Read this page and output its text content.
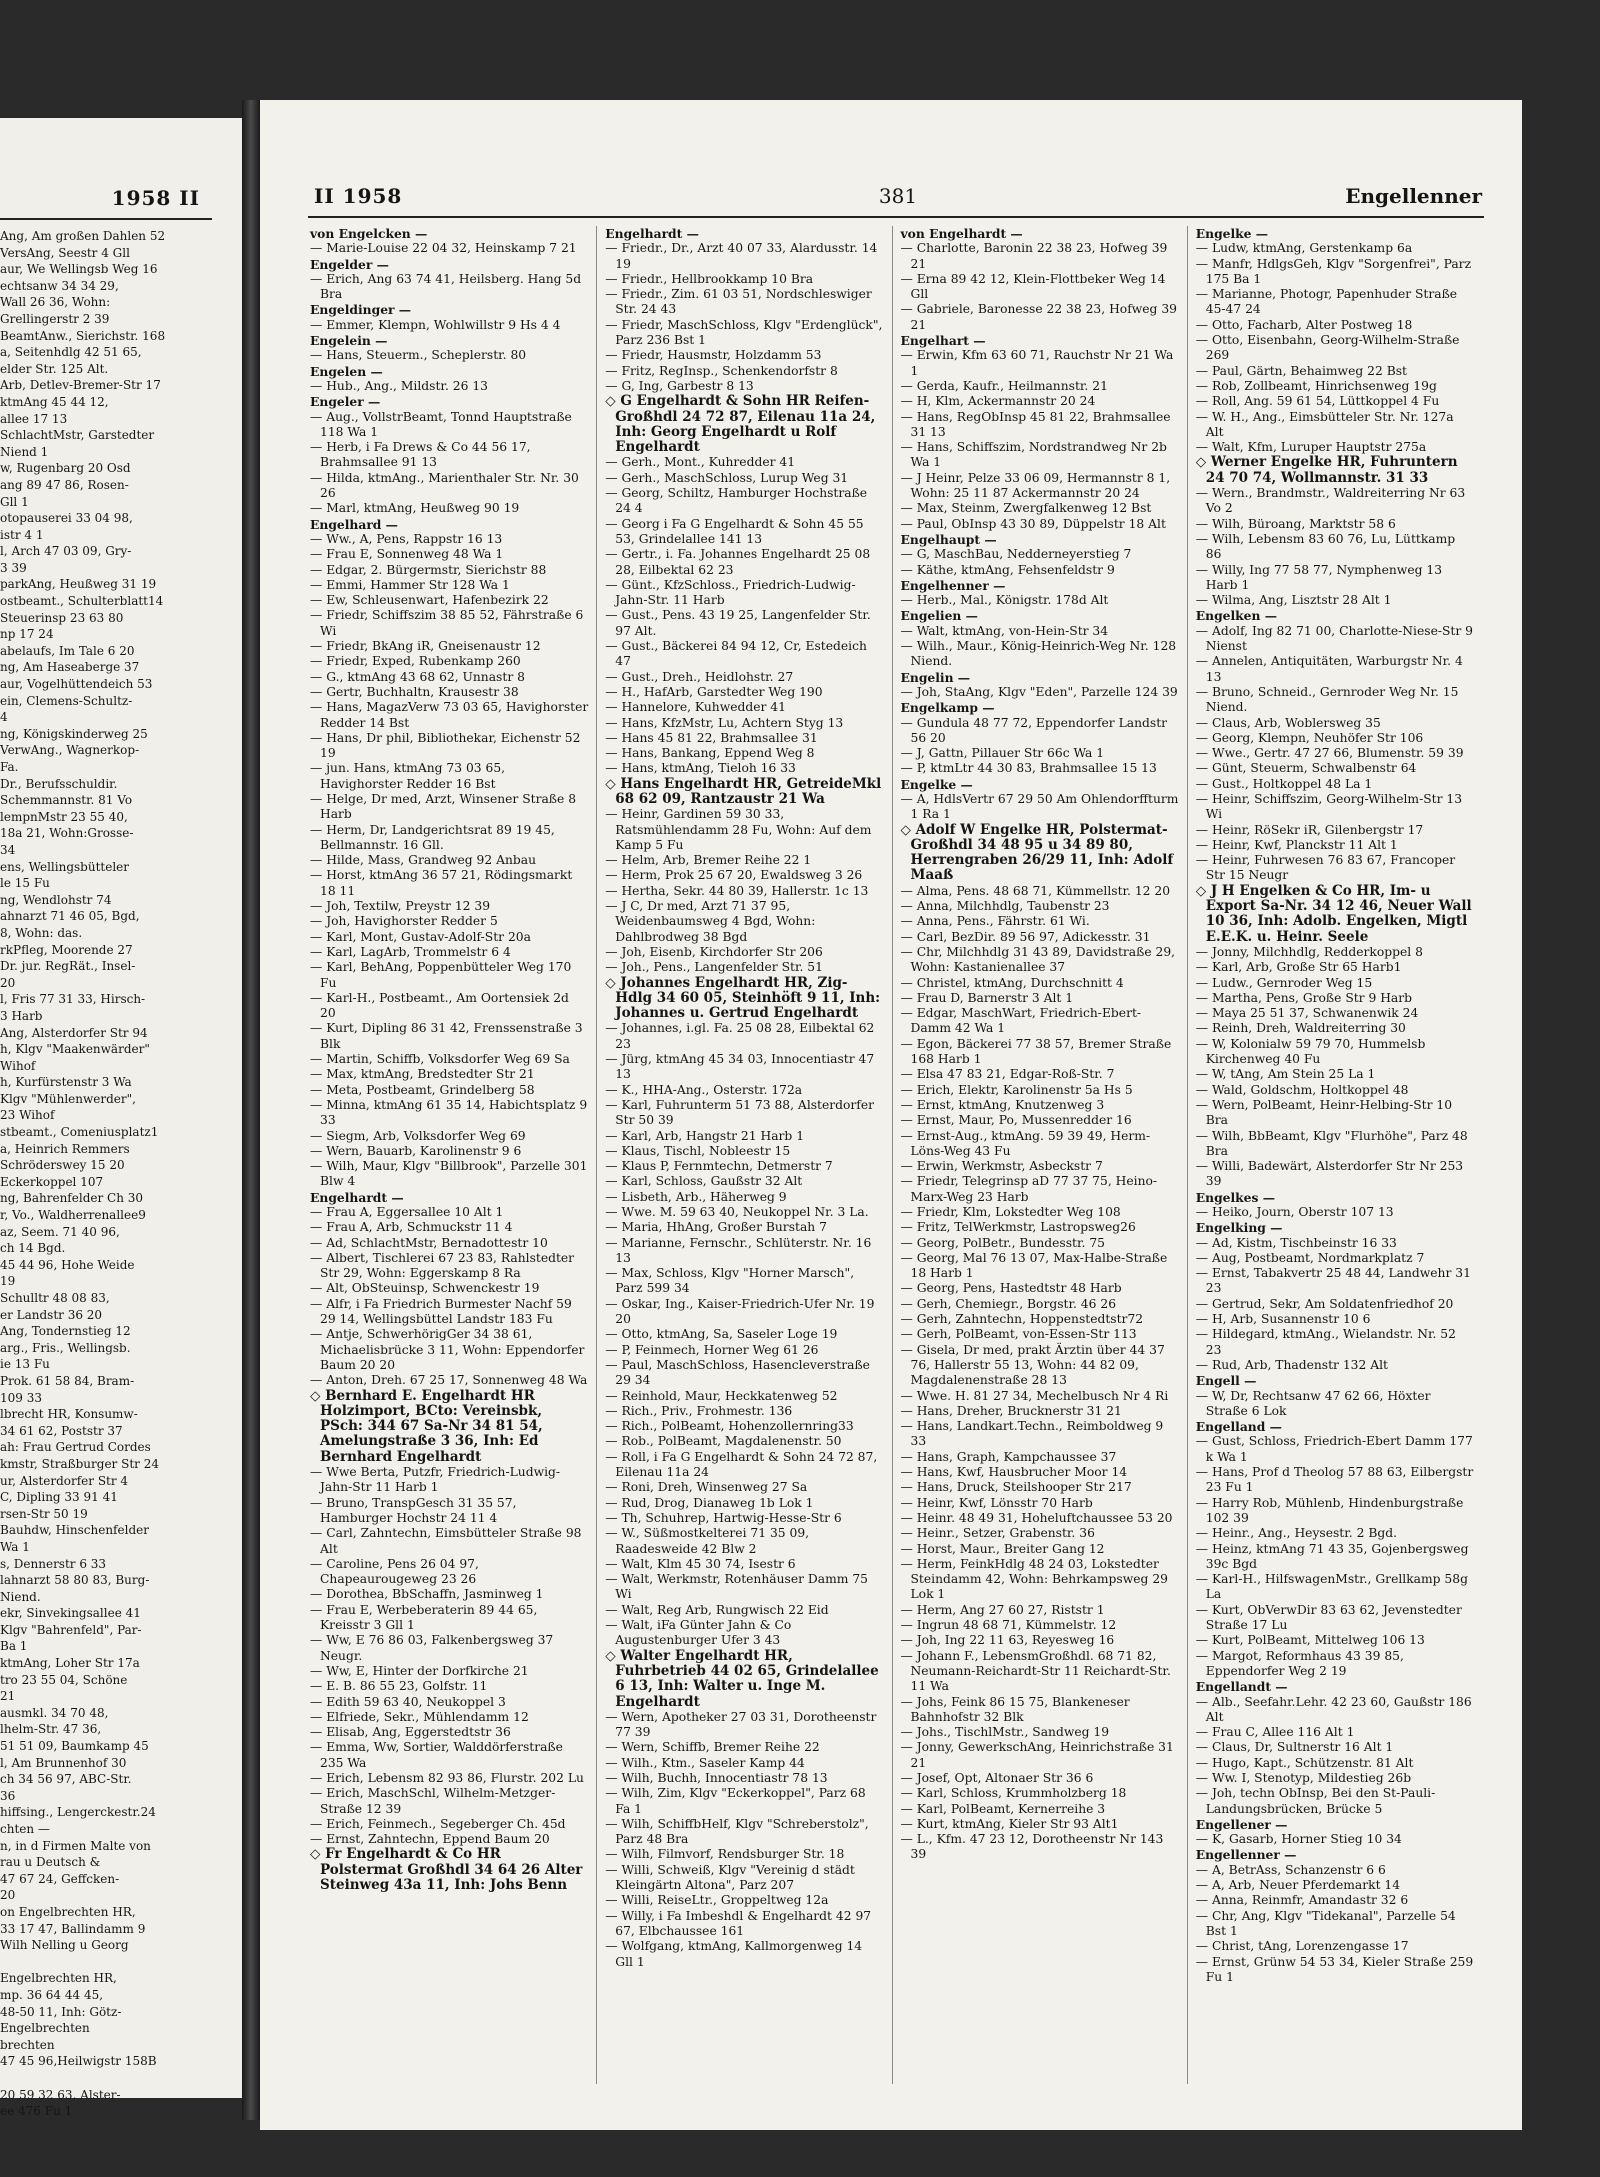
1958 II
Ang, Am großen Dahlen 52
VersAng, Seestr 4 Gll
aur, We Wellingsb Weg 16
echtsanw 34 34 29,
Wall 26 36, Wohn:
Grellingerstr 2 39
BeamtAnw., Sierichstr. 168
a, Seitenhdlg 42 51 65,
elder Str. 125 Alt.
Arb, Detlev-Bremer-Str 17
ktmAng 45 44 12,
allee 17 13
SchlachtMstr, Garstedter
Niend 1
w, Rugenbarg 20 Osd
ang 89 47 86, Rosen-
Gll 1
otopauserei 33 04 98,
istr 4 1
l, Arch 47 03 09, Gry-
3 39
parkAng, Heußweg 31 19
ostbeamt., Schulterblatt14
Steuerinsp 23 63 80
np 17 24
abelaufs, Im Tale 6 20
ng, Am Haseaberge 37
aur, Vogelhüttendeich 53
ein, Clemens-Schultz-
4
ng, Königskinderweg 25
VerwAng., Wagnerkop-
Fa.
Dr., Berufsschuldir.
Schemmannstr. 81 Vo
lempnMstr 23 55 40,
18a 21, Wohn:Grosse-
34
ens, Wellingsbütteler
le 15 Fu
ng, Wendlohstr 74
ahnarzt 71 46 05, Bgd,
8, Wohn: das.
rkPfleg, Moorende 27
Dr. jur. RegRät., Insel-
20
l, Fris 77 31 33, Hirsch-
3 Harb
Ang, Alsterdorfer Str 94
h, Klgv "Maakenwärder"
Wihof
h, Kurfürstenstr 3 Wa
Klgv "Mühlenwerder",
23 Wihof
stbeamt., Comeniusplatz1
a, Heinrich Remmers
Schröderswey 15 20
Eckerkoppel 107
ng, Bahrenfelder Ch 30
r, Vo., Waldherrenallee9
az, Seem. 71 40 96,
ch 14 Bgd.
45 44 96, Hohe Weide
19
Schulltr 48 08 83,
er Landstr 36 20
Ang, Tondernstieg 12
arg., Fris., Wellingsb.
ie 13 Fu
Prok. 61 58 84, Bram-
109 33
lbrecht HR, Konsumw-
34 61 62, Poststr 37
ah: Frau Gertrud Cordes
kmstr, Straßburger Str 24
ur, Alsterdorfer Str 4
C, Dipling 33 91 41
rsen-Str 50 19
Bauhdw, Hinschenfelder
Wa 1
s, Dennerstr 6 33
lahnarzt 58 80 83, Burg-
Niend.
ekr, Sinvekingsallee 41
Klgv "Bahrenfeld", Par-
Ba 1
ktmAng, Loher Str 17a
tro 23 55 04, Schöne
21
ausmkl. 34 70 48,
lhelm-Str. 47 36,
51 51 09, Baumkamp 45
l, Am Brunnenhof 30
ch 34 56 97, ABC-Str.
36
hiffsing., Lengerckestr.24
chten —
n, in d Firmen Malte von
rau u Deutsch &
47 67 24, Geffcken-
20
on Engelbrechten HR,
33 17 47, Ballindamm 9
Wilh Nelling u Georg

Engelbrechten HR,
mp. 36 64 44 45,
48-50 11, Inh: Götz-
Engelbrechten
brechten
47 45 96,Heilwigstr 158B

20 59 32 63, Alster-
ee 476 Fu 1
II 1958	381	Engellenner

von Engelcken —

— Marie-Louise 22 04 32, Heinskamp 7 21

Engelder —

— Erich, Ang 63 74 41, Heilsberg. Hang 5d Bra

Engeldinger —

— Emmer, Klempn, Wohlwillstr 9 Hs 4 4

Engelein —

— Hans, Steuerm., Scheplerstr. 80

Engelen —

— Hub., Ang., Mildstr. 26 13

Engeler —

— Aug., VollstrBeamt, Tonnd Hauptstraße 118 Wa 1

— Herb, i Fa Drews & Co 44 56 17, Brahmsallee 91 13

— Hilda, ktmAng., Marienthaler Str. Nr. 30 26

— Marl, ktmAng, Heußweg 90 19

Engelhard —

— Ww., A, Pens, Rappstr 16 13

— Frau E, Sonnenweg 48 Wa 1

— Edgar, 2. Bürgermstr, Sierichstr 88

— Emmi, Hammer Str 128 Wa 1

— Ew, Schleusenwart, Hafenbezirk 22

— Friedr, Schiffszim 38 85 52, Fährstraße 6 Wi

— Friedr, BkAng iR, Gneisenaustr 12

— Friedr, Exped, Rubenkamp 260

— G., ktmAng 43 68 62, Unnastr 8

— Gertr, Buchhaltn, Krausestr 38

— Hans, MagazVerw 73 03 65, Havighorster Redder 14 Bst

— Hans, Dr phil, Bibliothekar, Eichenstr 52 19

— jun. Hans, ktmAng 73 03 65, Havighorster Redder 16 Bst

— Helge, Dr med, Arzt, Winsener Straße 8 Harb

— Herm, Dr, Landgerichtsrat 89 19 45, Bellmannstr. 16 Gll.

— Hilde, Mass, Grandweg 92 Anbau

— Horst, ktmAng 36 57 21, Rödingsmarkt 18 11

— Joh, Textilw, Preystr 12 39

— Joh, Havighorster Redder 5

— Karl, Mont, Gustav-Adolf-Str 20a

— Karl, LagArb, Trommelstr 6 4

— Karl, BehAng, Poppenbütteler Weg 170 Fu

— Karl-H., Postbeamt., Am Oortensiek 2d 20

— Kurt, Dipling 86 31 42, Frenssenstraße 3 Blk

— Martin, Schiffb, Volksdorfer Weg 69 Sa

— Max, ktmAng, Bredstedter Str 21

— Meta, Postbeamt, Grindelberg 58

— Minna, ktmAng 61 35 14, Habichtsplatz 9 33

— Siegm, Arb, Volksdorfer Weg 69

— Wern, Bauarb, Karolinenstr 9 6

— Wilh, Maur, Klgv "Billbrook", Parzelle 301 Blw 4

Engelhardt —

— Frau A, Eggersallee 10 Alt 1

— Frau A, Arb, Schmuckstr 11 4

— Ad, SchlachtMstr, Bernadottestr 10

— Albert, Tischlerei 67 23 83, Rahlstedter Str 29, Wohn: Eggerskamp 8 Ra

— Alt, ObSteuinsp, Schwenckestr 19

— Alfr, i Fa Friedrich Burmester Nachf 59 29 14, Wellingsbüttel Landstr 183 Fu

— Antje, SchwerhörigGer 34 38 61, Michaelisbrücke 3 11, Wohn: Eppendorfer Baum 20 20

— Anton, Dreh. 67 25 17, Sonnenweg 48 Wa

◇ Bernhard E. Engelhardt HR Holzimport, BCto: Vereinsbk, PSch: 344 67 Sa-Nr 34 81 54, Amelungstraße 3 36, Inh: Ed Bernhard Engelhardt

— Wwe Berta, Putzfr, Friedrich-Ludwig-Jahn-Str 11 Harb 1

— Bruno, TranspGesch 31 35 57, Hamburger Hochstr 24 11 4

— Carl, Zahntechn, Eimsbütteler Straße 98 Alt

— Caroline, Pens 26 04 97, Chapeaurougeweg 23 26

— Dorothea, BbSchaffn, Jasminweg 1

— Frau E, Werbeberaterin 89 44 65, Kreisstr 3 Gll 1

— Ww, E 76 86 03, Falkenbergsweg 37 Neugr.

— Ww, E, Hinter der Dorfkirche 21

— E. B. 86 55 23, Golfstr. 11

— Edith 59 63 40, Neukoppel 3

— Elfriede, Sekr., Mühlendamm 12

— Elisab, Ang, Eggerstedtstr 36

— Emma, Ww, Sortier, Walddörferstraße 235 Wa

— Erich, Lebensm 82 93 86, Flurstr. 202 Lu

— Erich, MaschSchl, Wilhelm-Metzger-Straße 12 39

— Erich, Feinmech., Segeberger Ch. 45d

— Ernst, Zahntechn, Eppend Baum 20

◇ Fr Engelhardt & Co HR Polstermat Großhdl 34 64 26 Alter Steinweg 43a 11, Inh: Johs Benn

Engelhardt —

— Friedr., Dr., Arzt 40 07 33, Alardusstr. 14 19

— Friedr., Hellbrookkamp 10 Bra

— Friedr., Zim. 61 03 51, Nordschleswiger Str. 24 43

— Friedr, MaschSchloss, Klgv "Erdenglück", Parz 236 Bst 1

— Friedr, Hausmstr, Holzdamm 53

— Fritz, RegInsp., Schenkendorfstr 8

— G, Ing, Garbestr 8 13

◇ G Engelhardt & Sohn HR Reifen-Großhdl 24 72 87, Eilenau 11a 24, Inh: Georg Engelhardt u Rolf Engelhardt

— Gerh., Mont., Kuhredder 41

— Gerh., MaschSchloss, Lurup Weg 31

— Georg, Schiltz, Hamburger Hochstraße 24 4

— Georg i Fa G Engelhardt & Sohn 45 55 53, Grindelallee 141 13

— Gertr., i. Fa. Johannes Engelhardt 25 08 28, Eilbektal 62 23

— Günt., KfzSchloss., Friedrich-Ludwig-Jahn-Str. 11 Harb

— Gust., Pens. 43 19 25, Langenfelder Str. 97 Alt.

— Gust., Bäckerei 84 94 12, Cr, Estedeich 47

— Gust., Dreh., Heidlohstr. 27

— H., HafArb, Garstedter Weg 190

— Hannelore, Kuhwedder 41

— Hans, KfzMstr, Lu, Achtern Styg 13

— Hans 45 81 22, Brahmsallee 31

— Hans, Bankang, Eppend Weg 8

— Hans, ktmAng, Tieloh 16 33

◇ Hans Engelhardt HR, GetreideMkl 68 62 09, Rantzaustr 21 Wa

— Heinr, Gardinen 59 30 33, Ratsmühlendamm 28 Fu, Wohn: Auf dem Kamp 5 Fu

— Helm, Arb, Bremer Reihe 22 1

— Herm, Prok 25 67 20, Ewaldsweg 3 26

— Hertha, Sekr. 44 80 39, Hallerstr. 1c 13

— J C, Dr med, Arzt 71 37 95, Weidenbaumsweg 4 Bgd, Wohn: Dahlbrodweg 38 Bgd

— Joh, Eisenb, Kirchdorfer Str 206

— Joh., Pens., Langenfelder Str. 51

◇ Johannes Engelhardt HR, Zig-Hdlg 34 60 05, Steinhöft 9 11, Inh: Johannes u. Gertrud Engelhardt

— Johannes, i.gl. Fa. 25 08 28, Eilbektal 62 23

— Jürg, ktmAng 45 34 03, Innocentiastr 47 13

— K., HHA-Ang., Osterstr. 172a

— Karl, Fuhrunterm 51 73 88, Alsterdorfer Str 50 39

— Karl, Arb, Hangstr 21 Harb 1

— Klaus, Tischl, Nobleestr 15

— Klaus P, Fernmtechn, Detmerstr 7

— Karl, Schloss, Gaußstr 32 Alt

— Lisbeth, Arb., Häherweg 9

— Wwe. M. 59 63 40, Neukoppel Nr. 3 La.

— Maria, HhAng, Großer Burstah 7

— Marianne, Fernschr., Schlüterstr. Nr. 16 13

— Max, Schloss, Klgv "Horner Marsch", Parz 599 34

— Oskar, Ing., Kaiser-Friedrich-Ufer Nr. 19 20

— Otto, ktmAng, Sa, Saseler Loge 19

— P, Feinmech, Horner Weg 61 26

— Paul, MaschSchloss, Hasencleverstraße 29 34

— Reinhold, Maur, Heckkatenweg 52

— Rich., Priv., Frohmestr. 136

— Rich., PolBeamt, Hohenzollernring33

— Rob., PolBeamt, Magdalenenstr. 50

— Roll, i Fa G Engelhardt & Sohn 24 72 87, Eilenau 11a 24

— Roni, Dreh, Winsenweg 27 Sa

— Rud, Drog, Dianaweg 1b Lok 1

— Th, Schuhrep, Hartwig-Hesse-Str 6

— W., Süßmostkelterei 71 35 09, Raadesweide 42 Blw 2

— Walt, Klm 45 30 74, Isestr 6

— Walt, Werkmstr, Rotenhäuser Damm 75 Wi

— Walt, Reg Arb, Rungwisch 22 Eid

— Walt, iFa Günter Jahn & Co Augustenburger Ufer 3 43

◇ Walter Engelhardt HR, Fuhrbetrieb 44 02 65, Grindelallee 6 13, Inh: Walter u. Inge M. Engelhardt

— Wern, Apotheker 27 03 31, Dorotheenstr 77 39

— Wern, Schiffb, Bremer Reihe 22

— Wilh., Ktm., Saseler Kamp 44

— Wilh, Buchh, Innocentiastr 78 13

— Wilh, Zim, Klgv "Eckerkoppel", Parz 68 Fa 1

— Wilh, SchiffbHelf, Klgv "Schreberstolz", Parz 48 Bra

— Wilh, Filmvorf, Rendsburger Str. 18

— Willi, Schweiß, Klgv "Vereinig d städt Kleingärtn Altona", Parz 207

— Willi, ReiseLtr., Groppeltweg 12a

— Willy, i Fa Imbeshdl & Engelhardt 42 97 67, Elbchaussee 161

— Wolfgang, ktmAng, Kallmorgenweg 14 Gll 1

von Engelhardt —

— Charlotte, Baronin 22 38 23, Hofweg 39 21

— Erna 89 42 12, Klein-Flottbeker Weg 14 Gll

— Gabriele, Baronesse 22 38 23, Hofweg 39 21

Engelhart —

— Erwin, Kfm 63 60 71, Rauchstr Nr 21 Wa 1

— Gerda, Kaufr., Heilmannstr. 21

— H, Klm, Ackermannstr 20 24

— Hans, RegObInsp 45 81 22, Brahmsallee 31 13

— Hans, Schiffszim, Nordstrandweg Nr 2b Wa 1

— J Heinr, Pelze 33 06 09, Hermannstr 8 1, Wohn: 25 11 87 Ackermannstr 20 24

— Max, Steinm, Zwergfalkenweg 12 Bst

— Paul, ObInsp 43 30 89, Düppelstr 18 Alt

Engelhaupt —

— G, MaschBau, Nedderneyerstieg 7

— Käthe, ktmAng, Fehsenfeldstr 9

Engelhenner —

— Herb., Mal., Königstr. 178d Alt

Engelien —

— Walt, ktmAng, von-Hein-Str 34

— Wilh., Maur., König-Heinrich-Weg Nr. 128 Niend.

Engelin —

— Joh, StaAng, Klgv "Eden", Parzelle 124 39

Engelkamp —

— Gundula 48 77 72, Eppendorfer Landstr 56 20

— J, Gattn, Pillauer Str 66c Wa 1

— P, ktmLtr 44 30 83, Brahmsallee 15 13

Engelke —

— A, HdlsVertr 67 29 50 Am Ohlendorffturm 1 Ra 1

◇ Adolf W Engelke HR, Polstermat-Großhdl 34 48 95 u 34 89 80, Herrengraben 26/29 11, Inh: Adolf Maaß

— Alma, Pens. 48 68 71, Kümmellstr. 12 20

— Anna, Milchhdlg, Taubenstr 23

— Anna, Pens., Fährstr. 61 Wi.

— Carl, BezDir. 89 56 97, Adickesstr. 31

— Chr, Milchhdlg 31 43 89, Davidstraße 29, Wohn: Kastanienallee 37

— Christel, ktmAng, Durchschnitt 4

— Frau D, Barnerstr 3 Alt 1

— Edgar, MaschWart, Friedrich-Ebert-Damm 42 Wa 1

— Egon, Bäckerei 77 38 57, Bremer Straße 168 Harb 1

— Elsa 47 83 21, Edgar-Roß-Str. 7

— Erich, Elektr, Karolinenstr 5a Hs 5

— Ernst, ktmAng, Knutzenweg 3

— Ernst, Maur, Po, Mussenredder 16

— Ernst-Aug., ktmAng. 59 39 49, Herm-Löns-Weg 43 Fu

— Erwin, Werkmstr, Asbeckstr 7

— Friedr, Telegrinsp aD 77 37 75, Heino-Marx-Weg 23 Harb

— Friedr, Klm, Lokstedter Weg 108

— Fritz, TelWerkmstr, Lastropsweg26

— Georg, PolBetr., Bundesstr. 75

— Georg, Mal 76 13 07, Max-Halbe-Straße 18 Harb 1

— Georg, Pens, Hastedtstr 48 Harb

— Gerh, Chemiegr., Borgstr. 46 26

— Gerh, Zahntechn, Hoppenstedtstr72

— Gerh, PolBeamt, von-Essen-Str 113

— Gisela, Dr med, prakt Ärztin über 44 37 76, Hallerstr 55 13, Wohn: 44 82 09, Magdalenenstraße 28 13

— Wwe. H. 81 27 34, Mechelbusch Nr 4 Ri

— Hans, Dreher, Brucknerstr 31 21

— Hans, Landkart.Techn., Reimboldweg 9 33

— Hans, Graph, Kampchaussee 37

— Hans, Kwf, Hausbrucher Moor 14

— Hans, Druck, Steilshooper Str 217

— Heinr, Kwf, Lönsstr 70 Harb

— Heinr. 48 49 31, Hoheluftchaussee 53 20

— Heinr., Setzer, Grabenstr. 36

— Horst, Maur., Breiter Gang 12

— Herm, FeinkHdlg 48 24 03, Lokstedter Steindamm 42, Wohn: Behrkampsweg 29 Lok 1

— Herm, Ang 27 60 27, Riststr 1

— Ingrun 48 68 71, Kümmelstr. 12

— Joh, Ing 22 11 63, Reyesweg 16

— Johann F., LebensmGroßhdl. 68 71 82, Neumann-Reichardt-Str 11 Reichardt-Str. 11 Wa

— Johs, Feink 86 15 75, Blankeneser Bahnhofstr 32 Blk

— Johs., TischlMstr., Sandweg 19

— Jonny, GewerkschAng, Heinrichstraße 31 21

— Josef, Opt, Altonaer Str 36 6

— Karl, Schloss, Krummholzberg 18

— Karl, PolBeamt, Kernerreihe 3

— Kurt, ktmAng, Kieler Str 93 Alt1

— L., Kfm. 47 23 12, Dorotheenstr Nr 143 39

Engelke —

— Ludw, ktmAng, Gerstenkamp 6a

— Manfr, HdlgsGeh, Klgv "Sorgenfrei", Parz 175 Ba 1

— Marianne, Photogr, Papenhuder Straße 45-47 24

— Otto, Facharb, Alter Postweg 18

— Otto, Eisenbahn, Georg-Wilhelm-Straße 269

— Paul, Gärtn, Behaimweg 22 Bst

— Rob, Zollbeamt, Hinrichsenweg 19g

— Roll, Ang. 59 61 54, Lüttkoppel 4 Fu

— W. H., Ang., Eimsbütteler Str. Nr. 127a Alt

— Walt, Kfm, Luruper Hauptstr 275a

◇ Werner Engelke HR, Fuhruntern 24 70 74, Wollmannstr. 31 33

— Wern., Brandmstr., Waldreiterring Nr 63 Vo 2

— Wilh, Büroang, Marktstr 58 6

— Wilh, Lebensm 83 60 76, Lu, Lüttkamp 86

— Willy, Ing 77 58 77, Nymphenweg 13 Harb 1

— Wilma, Ang, Lisztstr 28 Alt 1

Engelken —

— Adolf, Ing 82 71 00, Charlotte-Niese-Str 9 Nienst

— Annelen, Antiquitäten, Warburgstr Nr. 4 13

— Bruno, Schneid., Gernroder Weg Nr. 15 Niend.

— Claus, Arb, Woblersweg 35

— Georg, Klempn, Neuhöfer Str 106

— Wwe., Gertr. 47 27 66, Blumenstr. 59 39

— Günt, Steuerm, Schwalbenstr 64

— Gust., Holtkoppel 48 La 1

— Heinr, Schiffszim, Georg-Wilhelm-Str 13 Wi

— Heinr, RöSekr iR, Gilenbergstr 17

— Heinr, Kwf, Planckstr 11 Alt 1

— Heinr, Fuhrwesen 76 83 67, Francoper Str 15 Neugr

◇ J H Engelken & Co HR, Im- u Export Sa-Nr. 34 12 46, Neuer Wall 10 36, Inh: Adolb. Engelken, Migtl E.E.K. u. Heinr. Seele

— Jonny, Milchhdlg, Redderkoppel 8

— Karl, Arb, Große Str 65 Harb1

— Ludw., Gernroder Weg 15

— Martha, Pens, Große Str 9 Harb

— Maya 25 51 37, Schwanenwik 24

— Reinh, Dreh, Waldreiterring 30

— W, Kolonialw 59 79 70, Hummelsb Kirchenweg 40 Fu

— W, tAng, Am Stein 25 La 1

— Wald, Goldschm, Holtkoppel 48

— Wern, PolBeamt, Heinr-Helbing-Str 10 Bra

— Wilh, BbBeamt, Klgv "Flurhöhe", Parz 48 Bra

— Willi, Badewärt, Alsterdorfer Str Nr 253 39

Engelkes —

— Heiko, Journ, Oberstr 107 13

Engelking —

— Ad, Kistm, Tischbeinstr 16 33

— Aug, Postbeamt, Nordmarkplatz 7

— Ernst, Tabakvertr 25 48 44, Landwehr 31 23

— Gertrud, Sekr, Am Soldatenfriedhof 20

— H, Arb, Susannenstr 10 6

— Hildegard, ktmAng., Wielandstr. Nr. 52 23

— Rud, Arb, Thadenstr 132 Alt

Engell —

— W, Dr, Rechtsanw 47 62 66, Höxter Straße 6 Lok

Engelland —

— Gust, Schloss, Friedrich-Ebert Damm 177 k Wa 1

— Hans, Prof d Theolog 57 88 63, Eilbergstr 23 Fu 1

— Harry Rob, Mühlenb, Hindenburgstraße 102 39

— Heinr., Ang., Heysestr. 2 Bgd.

— Heinz, ktmAng 71 43 35, Gojenbergsweg 39c Bgd

— Karl-H., HilfswagenMstr., Grellkamp 58g La

— Kurt, ObVerwDir 83 63 62, Jevenstedter Straße 17 Lu

— Kurt, PolBeamt, Mittelweg 106 13

— Margot, Reformhaus 43 39 85, Eppendorfer Weg 2 19

Engellandt —

— Alb., Seefahr.Lehr. 42 23 60, Gaußstr 186 Alt

— Frau C, Allee 116 Alt 1

— Claus, Dr, Sultnerstr 16 Alt 1

— Hugo, Kapt., Schützenstr. 81 Alt

— Ww. I, Stenotyp, Mildestieg 26b

— Joh, techn ObInsp, Bei den St-Pauli-Landungsbrücken, Brücke 5

Engellener —

— K, Gasarb, Horner Stieg 10 34

Engellenner —

— A, BetrAss, Schanzenstr 6 6

— A, Arb, Neuer Pferdemarkt 14

— Anna, Reinmfr, Amandastr 32 6

— Chr, Ang, Klgv "Tidekanal", Parzelle 54 Bst 1

— Christ, tAng, Lorenzengasse 17

— Ernst, Grünw 54 53 34, Kieler Straße 259 Fu 1
